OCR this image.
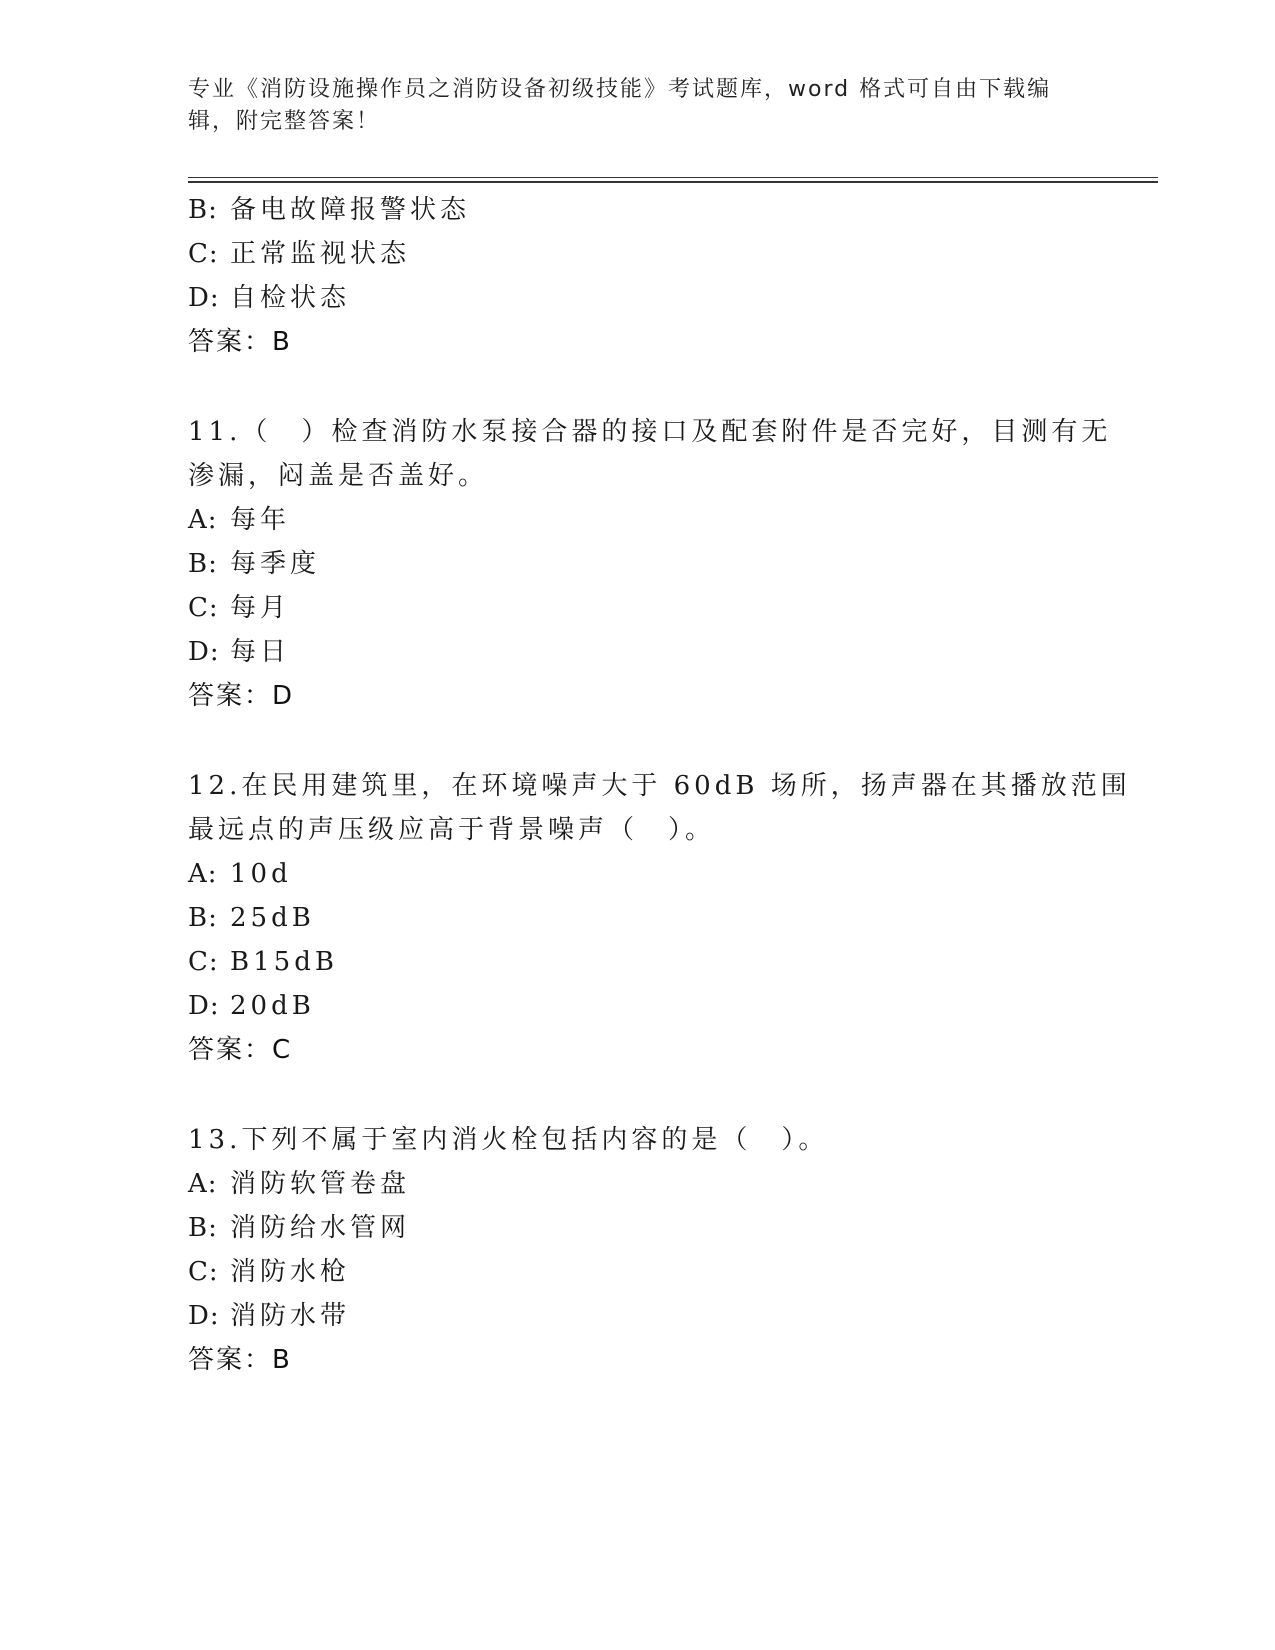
专业《消防设施操作员之消防设备初级技能》考试题库，word 格式可自由下载编
辑，附完整答案！
B: 备电故障报警状态
C: 正常监视状态
D: 自检状态
答案：B
11.（　）检查消防水泵接合器的接口及配套附件是否完好，目测有无
渗漏，闷盖是否盖好。
A: 每年
B: 每季度
C: 每月
D: 每日
答案：D
12.在民用建筑里，在环境噪声大于 60dB 场所，扬声器在其播放范围
最远点的声压级应高于背景噪声（　）。
A: 10d
B: 25dB
C: B15dB
D: 20dB
答案：C
13.下列不属于室内消火栓包括内容的是（　）。
A: 消防软管卷盘
B: 消防给水管网
C: 消防水枪
D: 消防水带
答案：B
